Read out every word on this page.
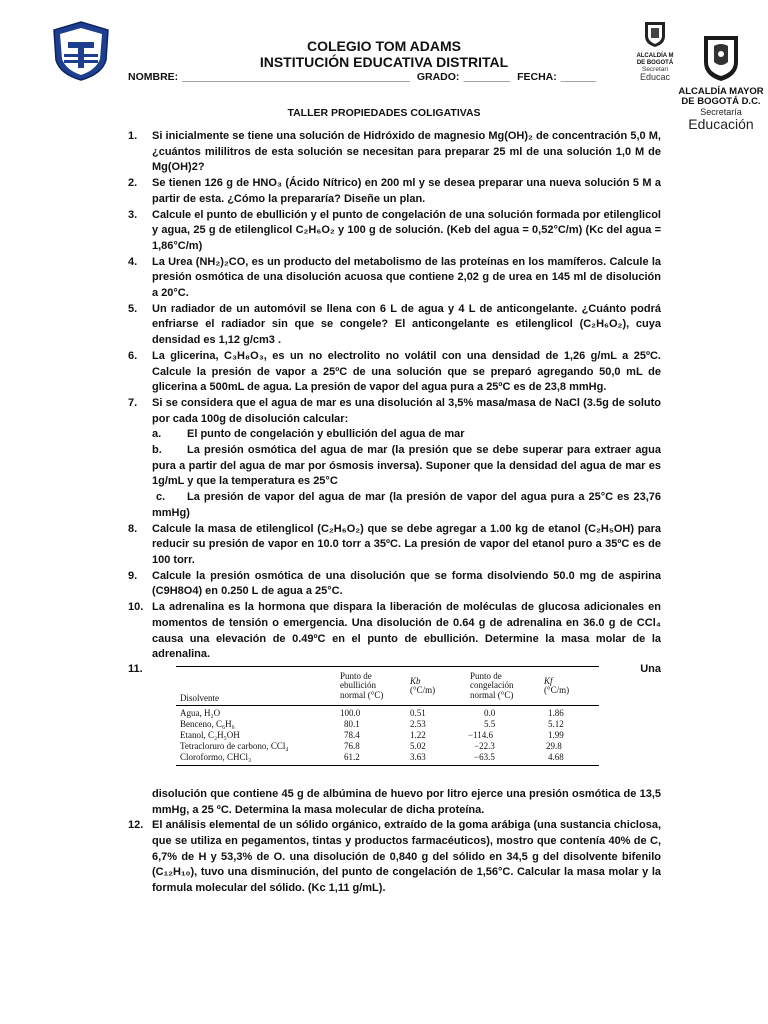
COLEGIO TOM ADAMS
INSTITUCIÓN EDUCATIVA DISTRITAL
NOMBRE: _______________________________________ GRADO: ________ FECHA: ______
ALCALDÍA M
DE BOGOTÁ
Secretari
Educac
ALCALDÍA MAYOR
DE BOGOTÁ D.C.
Secretaría
Educación
TALLER PROPIEDADES COLIGATIVAS
1. Si inicialmente se tiene una solución de Hidróxido de magnesio Mg(OH)₂ de concentración 5,0 M, ¿cuántos mililitros de esta solución se necesitan para preparar 25 ml de una solución 1,0 M de Mg(OH)2?
2. Se tienen 126 g de HNO₃ (Ácido Nítrico) en 200 ml y se desea preparar una nueva solución 5 M a partir de esta. ¿Cómo la prepararía? Diseñe un plan.
3. Calcule el punto de ebullición y el punto de congelación de una solución formada por etilenglicol y agua, 25 g de etilenglicol C₂H₆O₂ y 100 g de solución. (Keb del agua = 0,52°C/m) (Kc del agua = 1,86°C/m)
4. La Urea (NH₂)₂CO, es un producto del metabolismo de las proteínas en los mamíferos. Calcule la presión osmótica de una disolución acuosa que contiene 2,02 g de urea en 145 ml de disolución a 20°C.
5. Un radiador de un automóvil se llena con 6 L de agua y 4 L de anticongelante. ¿Cuánto podrá enfriarse el radiador sin que se congele? El anticongelante es etilenglicol (C₂H₆O₂), cuya densidad es 1,12 g/cm3 .
6. La glicerina, C₃H₈O₃, es un no electrolito no volátil con una densidad de 1,26 g/mL a 25ºC. Calcule la presión de vapor a 25ºC de una solución que se preparó agregando 50,0 mL de glicerina a 500mL de agua. La presión de vapor del agua pura a 25ºC es de 23,8 mmHg.
7. Si se considera que el agua de mar es una disolución al 3,5% masa/masa de NaCl (3.5g de soluto por cada 100g de disolución calcular:
a. El punto de congelación y ebullición del agua de mar
b. La presión osmótica del agua de mar (la presión que se debe superar para extraer agua pura a partir del agua de mar por ósmosis inversa). Suponer que la densidad del agua de mar es 1g/mL y que la temperatura es 25°C
c. La presión de vapor del agua de mar (la presión de vapor del agua pura a 25°C es 23,76 mmHg)
8. Calcule la masa de etilenglicol (C₂H₆O₂) que se debe agregar a 1.00 kg de etanol (C₂H₅OH) para reducir su presión de vapor en 10.0 torr a 35ºC. La presión de vapor del etanol puro a 35ºC es de 100 torr.
9. Calcule la presión osmótica de una disolución que se forma disolviendo 50.0 mg de aspirina (C9H8O4) en 0.250 L de agua a 25°C.
10. La adrenalina es la hormona que dispara la liberación de moléculas de glucosa adicionales en momentos de tensión o emergencia. Una disolución de 0.64 g de adrenalina en 36.0 g de CCl₄ causa una elevación de 0.49ºC en el punto de ebullición. Determine la masa molar de la adrenalina.
11.	Una
Disolvente
Punto de
ebullición
normal (°C)
Kb
(°C/m)
Punto de
congelación
normal (°C)
Kf
(°C/m)
Agua, H₂O	100.0	0.51	0.0	1.86
Benceno, C₆H₆	80.1	2.53	5.5	5.12
Etanol, C₂H₅OH	78.4	1.22	−114.6	1.99
Tetracloruro de carbono, CCl₄	76.8	5.02	−22.3	29.8
Cloroformo, CHCl₃	61.2	3.63	−63.5	4.68
disolución que contiene 45 g de albúmina de huevo por litro ejerce una presión osmótica de 13,5 mmHg, a 25 ºC. Determina la masa molecular de dicha proteína.
12. El análisis elemental de un sólido orgánico, extraído de la goma arábiga (una sustancia chiclosa, que se utiliza en pegamentos, tintas y productos farmacéuticos), mostro que contenía 40% de C, 6,7% de H y 53,3% de O. una disolución de 0,840 g del sólido en 34,5 g del disolvente bifenilo (C₁₂H₁₀), tuvo una disminución, del punto de congelación de 1,56°C. Calcular la masa molar y la formula molecular del sólido. (Kc 1,11 g/mL).
